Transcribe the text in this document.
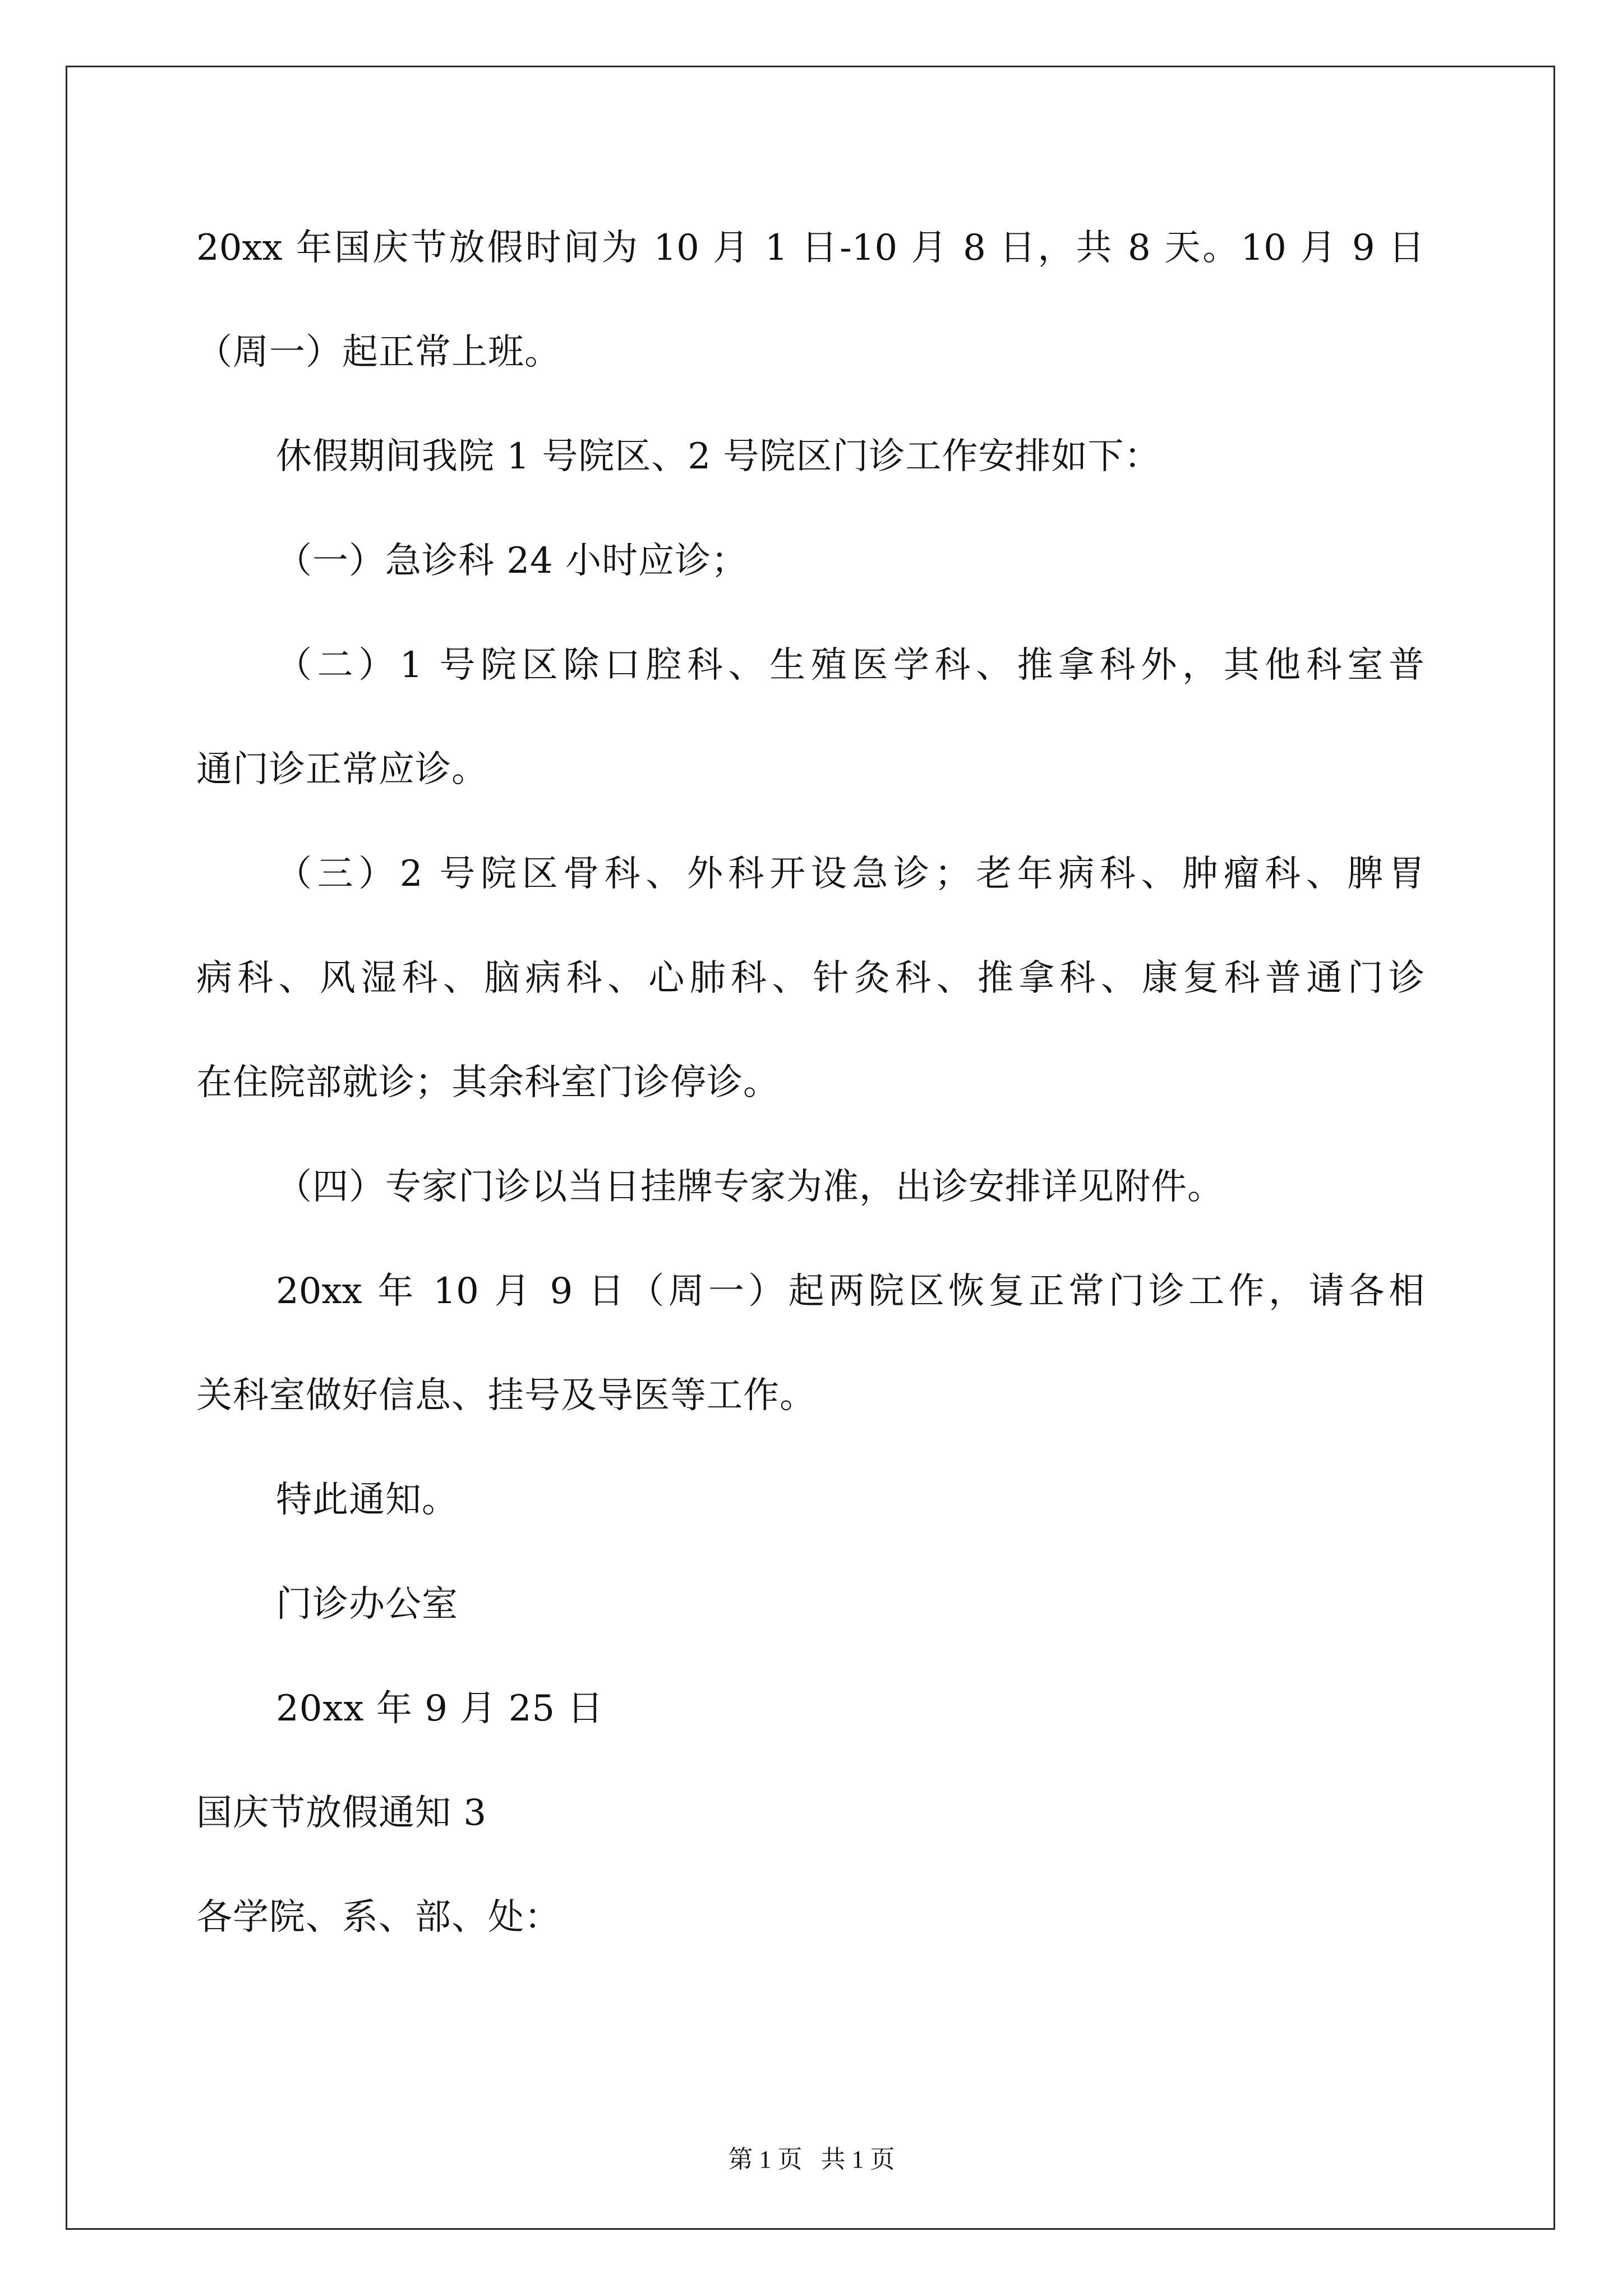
20xx 年国庆节放假时间为 10 月 1 日-10 月 8 日，共 8 天。10 月 9 日
（周一）起正常上班。
休假期间我院 1 号院区、2 号院区门诊工作安排如下：
（一）急诊科 24 小时应诊；
（二）1 号院区除口腔科、生殖医学科、推拿科外，其他科室普
通门诊正常应诊。
（三）2 号院区骨科、外科开设急诊；老年病科、肿瘤科、脾胃
病科、风湿科、脑病科、心肺科、针灸科、推拿科、康复科普通门诊
在住院部就诊；其余科室门诊停诊。
（四）专家门诊以当日挂牌专家为准，出诊安排详见附件。
20xx 年 10 月 9 日（周一）起两院区恢复正常门诊工作，请各相
关科室做好信息、挂号及导医等工作。
特此通知。
门诊办公室
20xx 年 9 月 25 日
国庆节放假通知 3
各学院、系、部、处：
第 1 页   共 1 页
